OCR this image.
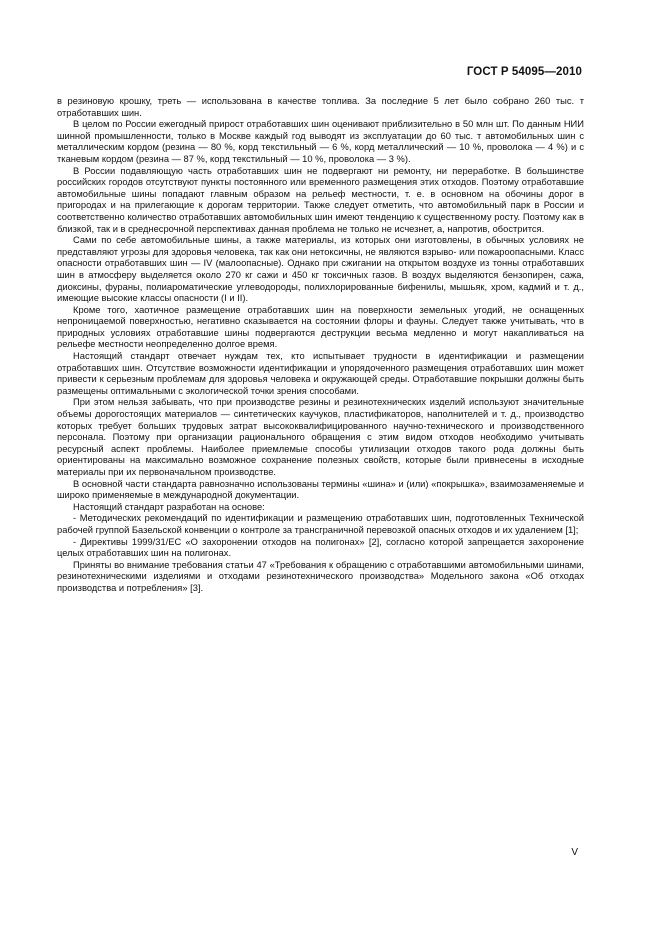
ГОСТ Р 54095—2010

в резиновую крошку, треть — использована в качестве топлива. За последние 5 лет было собрано 260 тыс. т отработавших шин.

В целом по России ежегодный прирост отработавших шин оценивают приблизительно в 50 млн шт. По данным НИИ шинной промышленности, только в Москве каждый год выводят из эксплуатации до 60 тыс. т автомобильных шин с металлическим кордом (резина — 80 %, корд текстильный — 6 %, корд металлический — 10 %, проволока — 4 %) и с тканевым кордом (резина — 87 %, корд текстильный — 10 %, проволока — 3 %).

В России подавляющую часть отработавших шин не подвергают ни ремонту, ни переработке. В большинстве российских городов отсутствуют пункты постоянного или временного размещения этих отходов. Поэтому отработавшие автомобильные шины попадают главным образом на рельеф местности, т. е. в основном на обочины дорог в пригородах и на прилегающие к дорогам территории. Также следует отметить, что автомобильный парк в России и соответственно количество отработавших автомобильных шин имеют тенденцию к существенному росту. Поэтому как в близкой, так и в среднесрочной перспективах данная проблема не только не исчезнет, а, напротив, обострится.

Сами по себе автомобильные шины, а также материалы, из которых они изготовлены, в обычных условиях не представляют угрозы для здоровья человека, так как они нетоксичны, не являются взрыво- или пожароопасными. Класс опасности отработавших шин — IV (малоопасные). Однако при сжигании на открытом воздухе из тонны отработавших шин в атмосферу выделяется около 270 кг сажи и 450 кг токсичных газов. В воздух выделяются бензопирен, сажа, диоксины, фураны, полиароматические углеводороды, полихлорированные бифенилы, мышьяк, хром, кадмий и т. д., имеющие высокие классы опасности (I и II).

Кроме того, хаотичное размещение отработавших шин на поверхности земельных угодий, не оснащенных непроницаемой поверхностью, негативно сказывается на состоянии флоры и фауны. Следует также учитывать, что в природных условиях отработавшие шины подвергаются деструкции весьма медленно и могут накапливаться на рельефе местности неопределенно долгое время.

Настоящий стандарт отвечает нуждам тех, кто испытывает трудности в идентификации и размещении отработавших шин. Отсутствие возможности идентификации и упорядоченного размещения отработавших шин может привести к серьезным проблемам для здоровья человека и окружающей среды. Отработавшие покрышки должны быть размещены оптимальными с экологической точки зрения способами.

При этом нельзя забывать, что при производстве резины и резинотехнических изделий используют значительные объемы дорогостоящих материалов — синтетических каучуков, пластификаторов, наполнителей и т. д., производство которых требует больших трудовых затрат высококвалифицированного научно-технического и производственного персонала. Поэтому при организации рационального обращения с этим видом отходов необходимо учитывать ресурсный аспект проблемы. Наиболее приемлемые способы утилизации отходов такого рода должны быть ориентированы на максимально возможное сохранение полезных свойств, которые были привнесены в исходные материалы при их первоначальном производстве.

В основной части стандарта равнозначно использованы термины «шина» и (или) «покрышка», взаимозаменяемые и широко применяемые в международной документации.

Настоящий стандарт разработан на основе:

- Методических рекомендаций по идентификации и размещению отработавших шин, подготовленных Технической рабочей группой Базельской конвенции о контроле за трансграничной перевозкой опасных отходов и их удалением [1];

- Директивы 1999/31/ЕС «О захоронении отходов на полигонах» [2], согласно которой запрещается захоронение целых отработавших шин на полигонах.

Приняты во внимание требования статьи 47 «Требования к обращению с отработавшими автомобильными шинами, резинотехническими изделиями и отходами резинотехнического производства» Модельного закона «Об отходах производства и потребления» [3].

V
